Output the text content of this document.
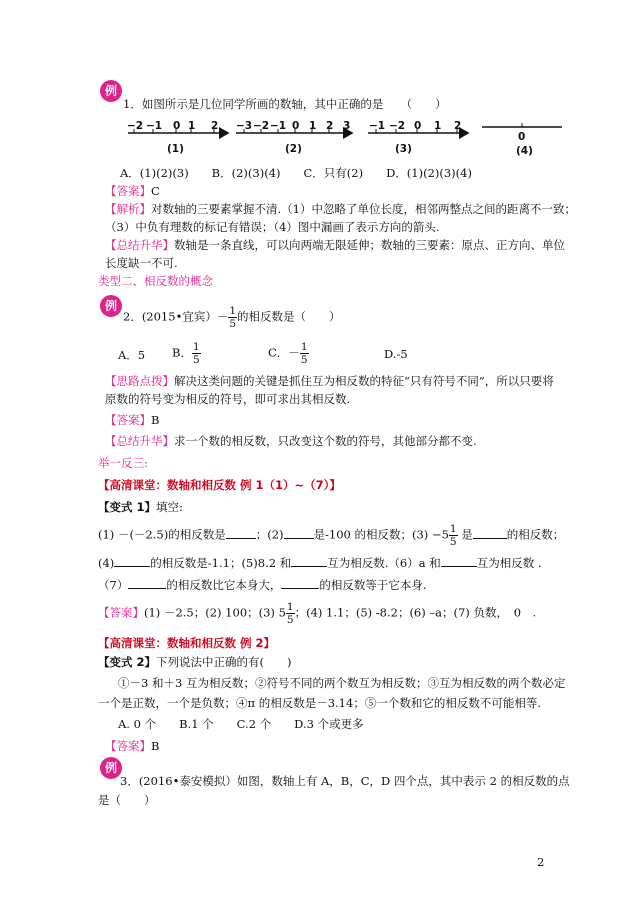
例
1．如图所示是几位同学所画的数轴，其中正确的是　　（　　）
−2 −1 0 1 2
(1)
−3 −2 −1 0 1 2 3
(2)
−1 −2 0 1 2
(3)
0
(4)
A．(1)(2)(3)　　B．(2)(3)(4)　　C．只有(2)　　D．(1)(2)(3)(4)
【答案】C
【解析】对数轴的三要素掌握不清.（1）中忽略了单位长度，相邻两整点之间的距离不一致；
（3）中负有理数的标记有错误；（4）图中漏画了表示方向的箭头.
【总结升华】数轴是一条直线，可以向两端无限延伸；数轴的三要素：原点、正方向、单位
长度缺一不可.
类型二、相反数的概念
例
2．(2015•宜宾）－ $\frac{1}{5}$ 的相反数是（　　）
A．5 B． $\frac{1}{5}$	C．－ $\frac{1}{5}$	D.-5
【思路点拨】解决这类问题的关键是抓住互为相反数的特征“只有符号不同”，所以只要将
原数的符号变为相反的符号，即可求出其相反数.
【答案】B
【总结升华】求一个数的相反数，只改变这个数的符号，其他部分都不变.
举一反三:
【高清课堂：数轴和相反数 例 1（1）~（7）】
【变式 1】填空:
(1) －(－2.5)的相反数是	；(2)	是-100 的相反数；$(3) -5 \frac{1}{5}$ 是	的相反数；
(4)	的相反数是-1.1；(5)8.2 和	互为相反数.（6）a 和	互为相反数 .
（7）	的相反数比它本身大，	的相反数等于它本身.
【答案】(1) －2.5；(2) 100；(3) $5 \frac{1}{5}$ ；(4) 1.1；(5) -8.2；(6) –a；(7) 负数，　0　.
【高清课堂：数轴和相反数 例 2】
【变式 2】下列说法中正确的有(　　)
①－3 和＋3 互为相反数；②符号不同的两个数互为相反数；③互为相反数的两个数必定
一个是正数，一个是负数；④π 的相反数是－3.14；⑤一个数和它的相反数不可能相等.
A. 0 个　　B.1 个　　C.2 个　　D.3 个或更多
【答案】B
例
3．(2016•泰安模拟）如图，数轴上有 A，B，C，D 四个点，其中表示 2 的相反数的点
是（　　）
2
